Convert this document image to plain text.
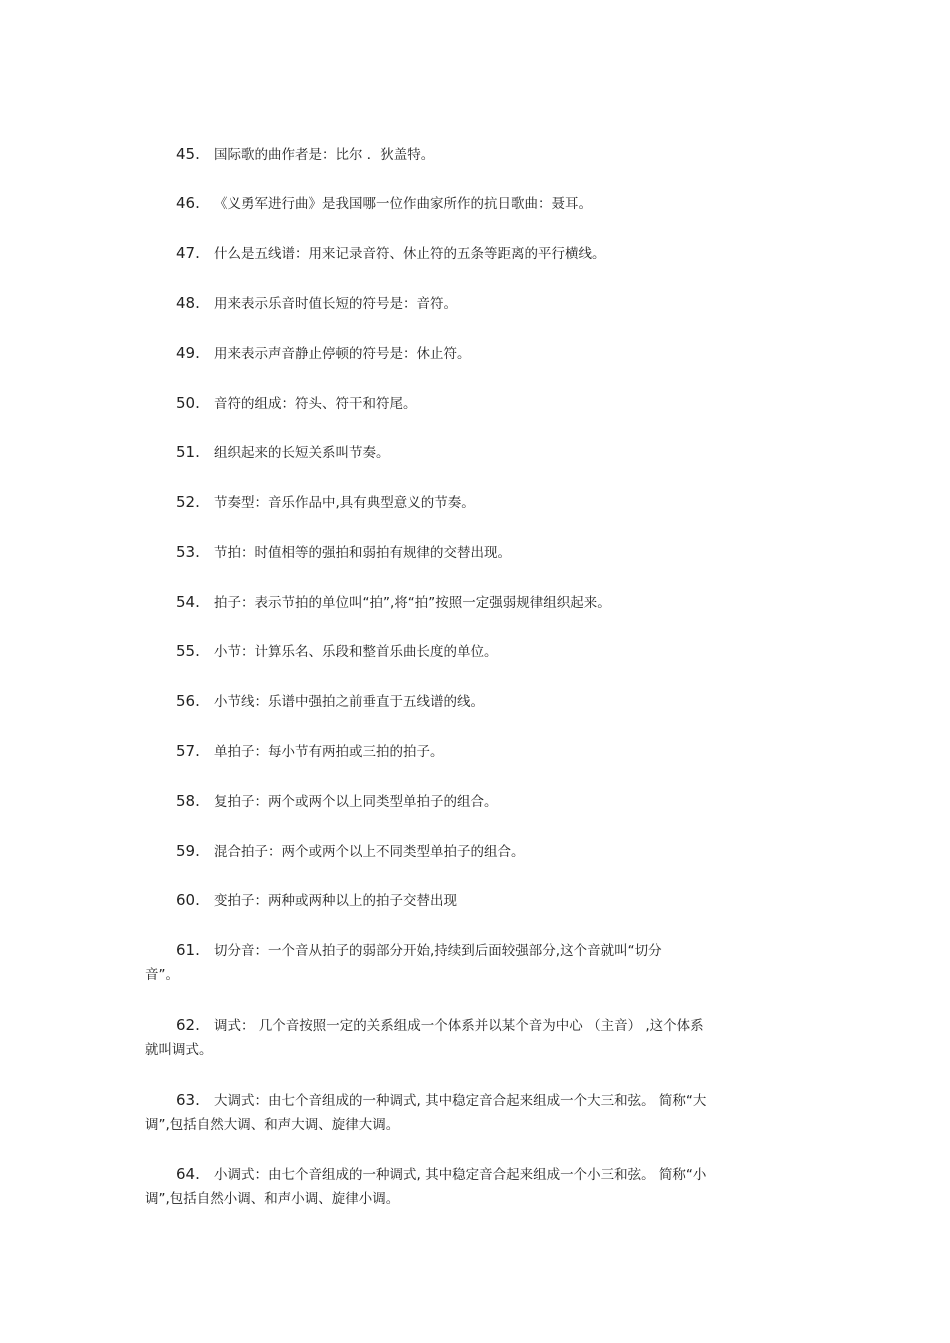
45. 国际歌的曲作者是：比尔 ．狄盖特。
46. 《义勇军进行曲》是我国哪一位作曲家所作的抗日歌曲：聂耳。
47. 什么是五线谱：用来记录音符、休止符的五条等距离的平行横线。
48. 用来表示乐音时值长短的符号是：音符。
49. 用来表示声音静止停顿的符号是：休止符。
50. 音符的组成：符头、符干和符尾。
51. 组织起来的长短关系叫节奏。
52. 节奏型：音乐作品中,具有典型意义的节奏。
53. 节拍：时值相等的强拍和弱拍有规律的交替出现。
54. 拍子：表示节拍的单位叫“拍”,将“拍”按照一定强弱规律组织起来。
55. 小节：计算乐名、乐段和整首乐曲长度的单位。
56. 小节线：乐谱中强拍之前垂直于五线谱的线。
57. 单拍子：每小节有两拍或三拍的拍子。
58. 复拍子：两个或两个以上同类型单拍子的组合。
59. 混合拍子：两个或两个以上不同类型单拍子的组合。
60. 变拍子：两种或两种以上的拍子交替出现
61. 切分音：一个音从拍子的弱部分开始,持续到后面较强部分,这个音就叫“切分
音”。
62. 调式： 几个音按照一定的关系组成一个体系并以某个音为中心 （主音） ,这个体系
就叫调式。
63. 大调式：由七个音组成的一种调式, 其中稳定音合起来组成一个大三和弦。 简称“大
调”,包括自然大调、和声大调、旋律大调。
64. 小调式：由七个音组成的一种调式, 其中稳定音合起来组成一个小三和弦。 简称“小
调”,包括自然小调、和声小调、旋律小调。
